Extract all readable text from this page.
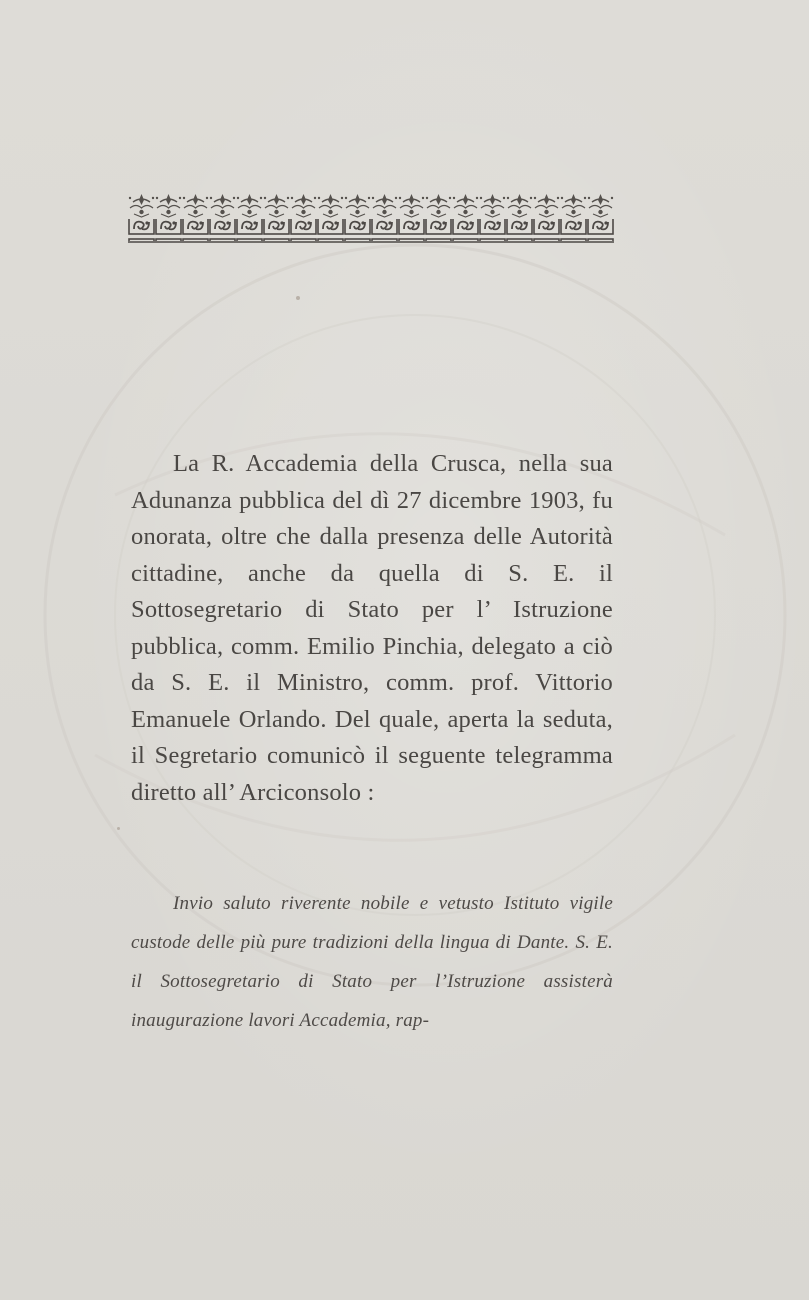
La R. Accademia della Crusca, nella sua Adunanza pubblica del dì 27 dicembre 1903, fu onorata, oltre che dalla presenza delle Autorità cittadine, anche da quella di S. E. il Sottosegretario di Stato per l’ Istruzione pubblica, comm. Emilio Pinchia, delegato a ciò da S. E. il Ministro, comm. prof. Vittorio Emanuele Orlando. Del quale, aperta la seduta, il Segretario comunicò il seguente telegramma diretto all’ Arciconsolo :

Invio saluto riverente nobile e vetusto Istituto vigile custode delle più pure tradizioni della lingua di Dante. S. E. il Sottosegretario di Stato per l’Istruzione assisterà inaugurazione lavori Accademia, rap-
